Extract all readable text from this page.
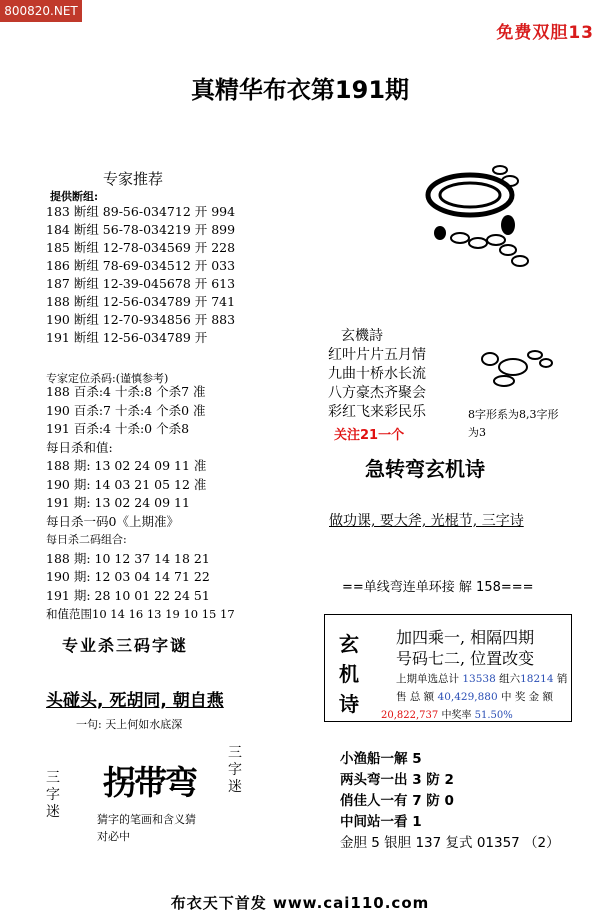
800820.NET
免费双胆13
真精华布衣第191期
专家推荐
提供断组:
183 断组 89-56-034712 开 994
184 断组 56-78-034219 开 899
185 断组 12-78-034569 开 228
186 断组 78-69-034512 开 033
187 断组 12-39-045678 开 613
188 断组 12-56-034789 开 741
190 断组 12-70-934856 开 883
191 断组 12-56-034789 开
专家定位杀码:(谨慎参考)
188 百杀:4 十杀:8 个杀7 准
190 百杀:7 十杀:4 个杀0 准
191 百杀:4 十杀:0 个杀8
每日杀和值:
188 期: 13 02 24 09 11 准
190 期: 14 03 21 05 12 准
191 期: 13 02 24 09 11
每日杀一码0《上期准》
每日杀二码组合:
188 期: 10 12 37 14 18 21
190 期: 12 03 04 14 71 22
191 期: 28 10 01 22 24 51
和值范围10 14 16 13 19 10 15 17
专业杀三码字谜
头碰头, 死胡同, 朝自燕
一句: 天上何如水底深
三字迷
拐带弯
三字迷
猜字的笔画和含义猜
对必中
玄機詩
红叶片片五月情
九曲十桥水长流
八方豪杰齐聚会
彩红飞来彩民乐
关注21一个
8字形系为8,3字形
为3
急转弯玄机诗
做功课, 要大斧, 光棍节, 三字诗
==单线弯连单环接 解 158===
玄机诗
加四乘一, 相隔四期
号码七二, 位置改变
上期单选总计 13538 组六18214 销
售 总 额 40,429,880 中 奖 金 额
20,822,737 中奖率 51.50%
小渔船一解 5
两头弯一出 3 防 2
俏佳人一有 7 防 0
中间站一看 1
金胆 5 银胆 137 复式 01357 （2）
布衣天下首发 www.cai110.com
